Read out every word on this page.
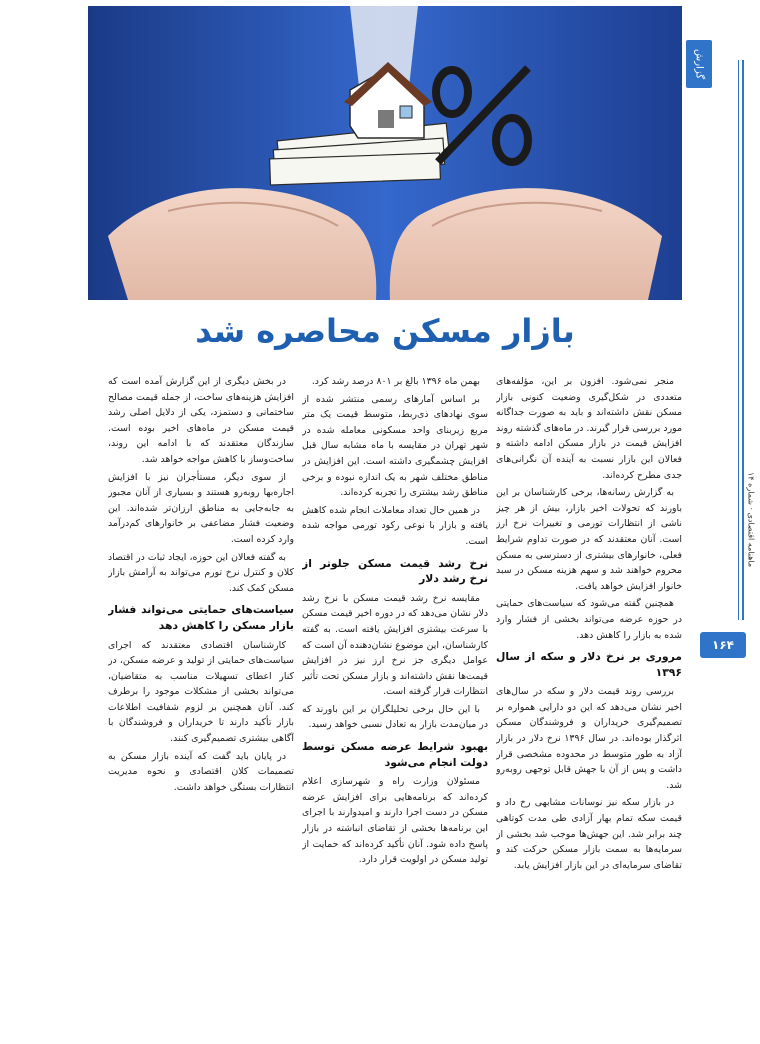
گزارش
ماهنامه اقتصادی · شماره ۱۴
۱۶۴
بازار مسکن محاصره شد

منجر نمی‌شود. افزون بر این، مؤلفه‌های متعددی در شکل‌گیری وضعیت کنونی بازار مسکن نقش داشته‌اند و باید به صورت جداگانه مورد بررسی قرار گیرند. در ماه‌های گذشته روند افزایش قیمت در بازار مسکن ادامه داشته و فعالان این بازار نسبت به آینده آن نگرانی‌های جدی مطرح کرده‌اند.

به گزارش رسانه‌ها، برخی کارشناسان بر این باورند که تحولات اخیر بازار، بیش از هر چیز ناشی از انتظارات تورمی و تغییرات نرخ ارز است. آنان معتقدند که در صورت تداوم شرایط فعلی، خانوارهای بیشتری از دسترسی به مسکن محروم خواهند شد و سهم هزینه مسکن در سبد خانوار افزایش خواهد یافت.

همچنین گفته می‌شود که سیاست‌های حمایتی در حوزه عرضه می‌تواند بخشی از فشار وارد شده به بازار را کاهش دهد.

مروری بر نرخ دلار و سکه از سال ۱۳۹۶

بررسی روند قیمت دلار و سکه در سال‌های اخیر نشان می‌دهد که این دو دارایی همواره بر تصمیم‌گیری خریداران و فروشندگان مسکن اثرگذار بوده‌اند. در سال ۱۳۹۶ نرخ دلار در بازار آزاد به طور متوسط در محدوده مشخصی قرار داشت و پس از آن با جهش قابل توجهی روبه‌رو شد.

در بازار سکه نیز نوسانات مشابهی رخ داد و قیمت سکه تمام بهار آزادی طی مدت کوتاهی چند برابر شد. این جهش‌ها موجب شد بخشی از سرمایه‌ها به سمت بازار مسکن حرکت کند و تقاضای سرمایه‌ای در این بازار افزایش یابد.

بهمن ماه ۱۳۹۶ بالغ بر ۸۰۱ درصد رشد کرد.

بر اساس آمارهای رسمی منتشر شده از سوی نهادهای ذی‌ربط، متوسط قیمت یک متر مربع زیربنای واحد مسکونی معامله شده در شهر تهران در مقایسه با ماه مشابه سال قبل افزایش چشمگیری داشته است. این افزایش در مناطق مختلف شهر به یک اندازه نبوده و برخی مناطق رشد بیشتری را تجربه کرده‌اند.

در همین حال تعداد معاملات انجام شده کاهش یافته و بازار با نوعی رکود تورمی مواجه شده است.

نرخ رشد قیمت مسکن جلوتر از نرخ رشد دلار

مقایسه نرخ رشد قیمت مسکن با نرخ رشد دلار نشان می‌دهد که در دوره اخیر قیمت مسکن با سرعت بیشتری افزایش یافته است. به گفته کارشناسان، این موضوع نشان‌دهنده آن است که عوامل دیگری جز نرخ ارز نیز در افزایش قیمت‌ها نقش داشته‌اند و بازار مسکن تحت تأثیر انتظارات قرار گرفته است.

با این حال برخی تحلیلگران بر این باورند که در میان‌مدت بازار به تعادل نسبی خواهد رسید.

بهبود شرایط عرضه مسکن توسط دولت انجام می‌شود

مسئولان وزارت راه و شهرسازی اعلام کرده‌اند که برنامه‌هایی برای افزایش عرضه مسکن در دست اجرا دارند و امیدوارند با اجرای این برنامه‌ها بخشی از تقاضای انباشته در بازار پاسخ داده شود. آنان تأکید کرده‌اند که حمایت از تولید مسکن در اولویت قرار دارد.

در بخش دیگری از این گزارش آمده است که افزایش هزینه‌های ساخت، از جمله قیمت مصالح ساختمانی و دستمزد، یکی از دلایل اصلی رشد قیمت مسکن در ماه‌های اخیر بوده است. سازندگان معتقدند که با ادامه این روند، ساخت‌وساز با کاهش مواجه خواهد شد.

از سوی دیگر، مستأجران نیز با افزایش اجاره‌بها روبه‌رو هستند و بسیاری از آنان مجبور به جابه‌جایی به مناطق ارزان‌تر شده‌اند. این وضعیت فشار مضاعفی بر خانوارهای کم‌درآمد وارد کرده است.

به گفته فعالان این حوزه، ایجاد ثبات در اقتصاد کلان و کنترل نرخ تورم می‌تواند به آرامش بازار مسکن کمک کند.

سیاست‌های حمایتی می‌تواند فشار بازار مسکن را کاهش دهد

کارشناسان اقتصادی معتقدند که اجرای سیاست‌های حمایتی از تولید و عرضه مسکن، در کنار اعطای تسهیلات مناسب به متقاضیان، می‌تواند بخشی از مشکلات موجود را برطرف کند. آنان همچنین بر لزوم شفافیت اطلاعات بازار تأکید دارند تا خریداران و فروشندگان با آگاهی بیشتری تصمیم‌گیری کنند.

در پایان باید گفت که آینده بازار مسکن به تصمیمات کلان اقتصادی و نحوه مدیریت انتظارات بستگی خواهد داشت.
